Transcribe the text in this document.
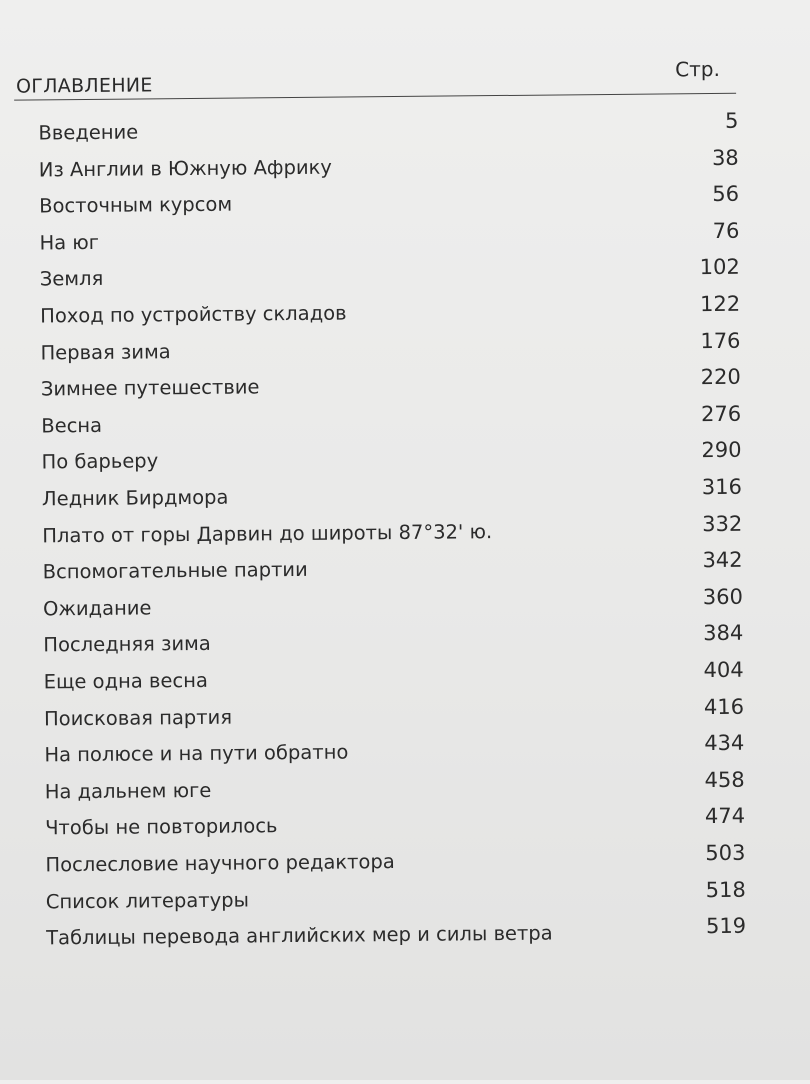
ОГЛАВЛЕНИЕ
Стр.
Введение	5
Из Англии в Южную Африку	38
Восточным курсом	56
На юг	76
Земля	102
Поход по устройству складов	122
Первая зима	176
Зимнее путешествие	220
Весна	276
По барьеру	290
Ледник Бирдмора	316
Плато от горы Дарвин до широты 87°32' ю.	332
Вспомогательные партии	342
Ожидание	360
Последняя зима	384
Еще одна весна	404
Поисковая партия	416
На полюсе и на пути обратно	434
На дальнем юге	458
Чтобы не повторилось	474
Послесловие научного редактора	503
Список литературы	518
Таблицы перевода английских мер и силы ветра	519
